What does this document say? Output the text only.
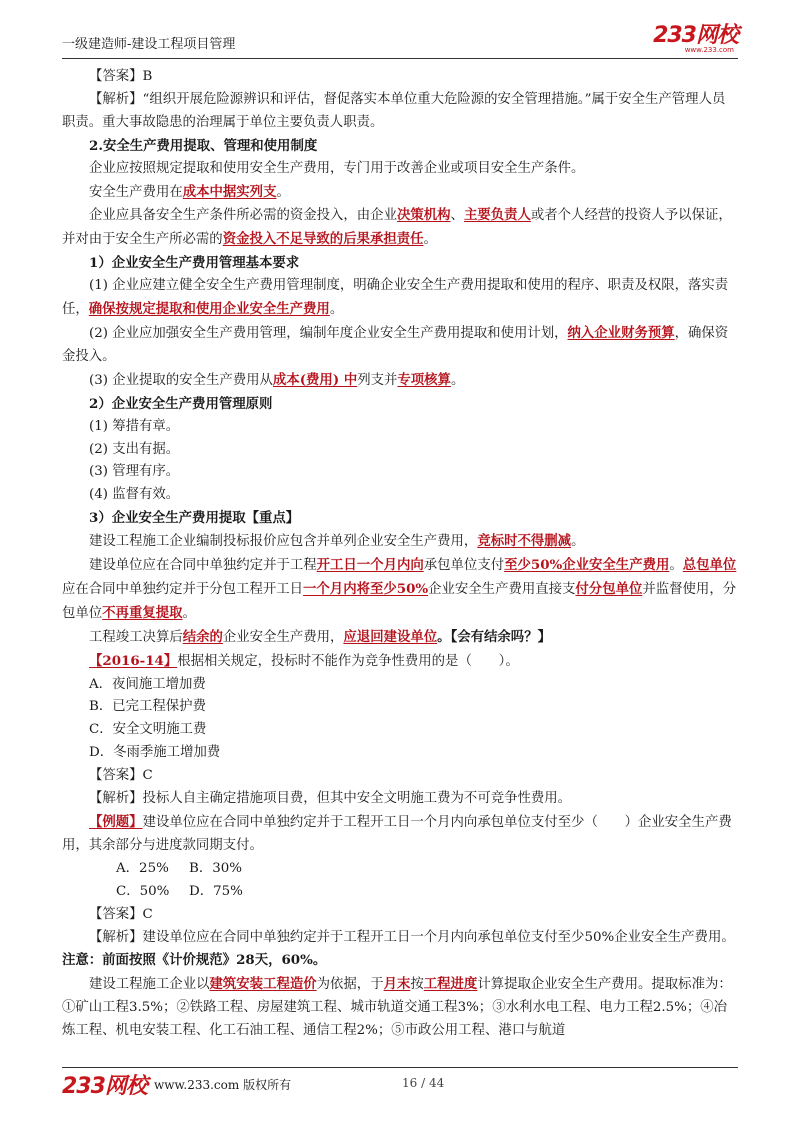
一级建造师-建设工程项目管理	233网校
www.233.com

【答案】B

【解析】“组织开展危险源辨识和评估，督促落实本单位重大危险源的安全管理措施。”属于安全生产管理人员职责。重大事故隐患的治理属于单位主要负责人职责。

2.安全生产费用提取、管理和使用制度

企业应按照规定提取和使用安全生产费用，专门用于改善企业或项目安全生产条件。

安全生产费用在成本中据实列支。

企业应具备安全生产条件所必需的资金投入，由企业决策机构、主要负责人或者个人经营的投资人予以保证，并对由于安全生产所必需的资金投入不足导致的后果承担责任。

1）企业安全生产费用管理基本要求

(1) 企业应建立健全安全生产费用管理制度，明确企业安全生产费用提取和使用的程序、职责及权限，落实责任，确保按规定提取和使用企业安全生产费用。

(2) 企业应加强安全生产费用管理，编制年度企业安全生产费用提取和使用计划，纳入企业财务预算，确保资金投入。

(3) 企业提取的安全生产费用从成本(费用) 中列支并专项核算。

2）企业安全生产费用管理原则

(1) 筹措有章。

(2) 支出有据。

(3) 管理有序。

(4) 监督有效。

3）企业安全生产费用提取【重点】

建设工程施工企业编制投标报价应包含并单列企业安全生产费用，竞标时不得删减。

建设单位应在合同中单独约定并于工程开工日一个月内向承包单位支付至少50%企业安全生产费用。总包单位应在合同中单独约定并于分包工程开工日一个月内将至少50%企业安全生产费用直接支付分包单位并监督使用，分包单位不再重复提取。

工程竣工决算后结余的企业安全生产费用，应退回建设单位。【会有结余吗？】

【2016-14】根据相关规定，投标时不能作为竞争性费用的是（　　）。

A．夜间施工增加费

B．已完工程保护费

C．安全文明施工费

D．冬雨季施工增加费

【答案】C

【解析】投标人自主确定措施项目费，但其中安全文明施工费为不可竞争性费用。

【例题】建设单位应在合同中单独约定并于工程开工日一个月内向承包单位支付至少（　　）企业安全生产费用，其余部分与进度款同期支付。

A．25% B．30%

C．50% D．75%

【答案】C

【解析】建设单位应在合同中单独约定并于工程开工日一个月内向承包单位支付至少50%企业安全生产费用。注意：前面按照《计价规范》28天，60%。

建设工程施工企业以建筑安装工程造价为依据，于月末按工程进度计算提取企业安全生产费用。提取标准为：①矿山工程3.5%；②铁路工程、房屋建筑工程、城市轨道交通工程3%；③水利水电工程、电力工程2.5%；④冶炼工程、机电安装工程、化工石油工程、通信工程2%；⑤市政公用工程、港口与航道

233网校 www.233.com 版权所有	16 / 44
